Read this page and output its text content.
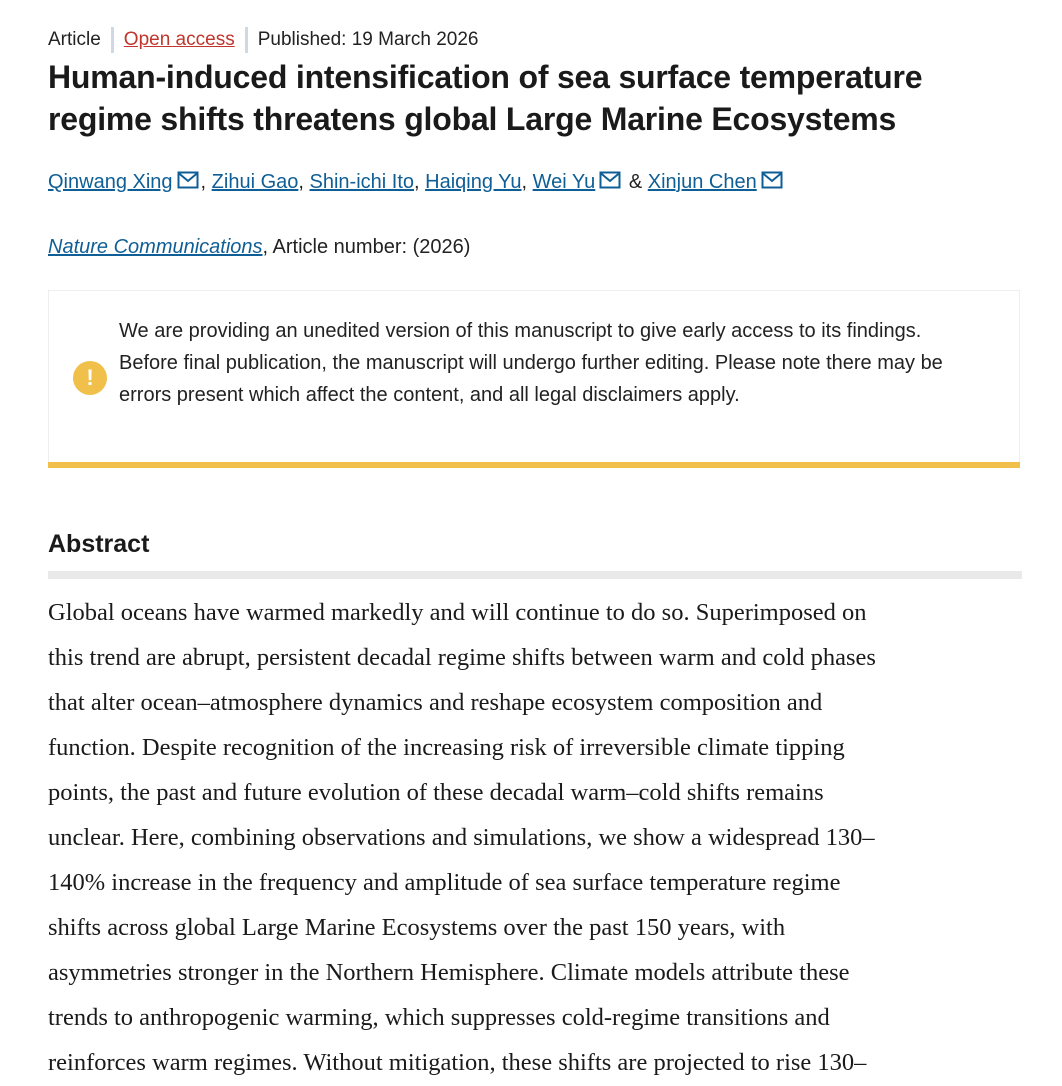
Article Open access Published: 19 March 2026
Human-induced intensification of sea surface temperature regime shifts threatens global Large Marine Ecosystems
Qinwang Xing ,
Zihui Gao ,
Shin-ichi Ito ,
Haiqing Yu ,
Wei Yu
&
Xinjun Chen
Nature Communications, Article number: (2026)
!

We are providing an unedited version of this manuscript to give early access to its findings. Before final publication, the manuscript will undergo further editing. Please note there may be errors present which affect the content, and all legal disclaimers apply.

Abstract

Global oceans have warmed markedly and will continue to do so. Superimposed on
this trend are abrupt, persistent decadal regime shifts between warm and cold phases
that alter ocean–atmosphere dynamics and reshape ecosystem composition and
function. Despite recognition of the increasing risk of irreversible climate tipping
points, the past and future evolution of these decadal warm–cold shifts remains
unclear. Here, combining observations and simulations, we show a widespread 130–
140% increase in the frequency and amplitude of sea surface temperature regime
shifts across global Large Marine Ecosystems over the past 150 years, with
asymmetries stronger in the Northern Hemisphere. Climate models attribute these
trends to anthropogenic warming, which suppresses cold-regime transitions and
reinforces warm regimes. Without mitigation, these shifts are projected to rise 130–
